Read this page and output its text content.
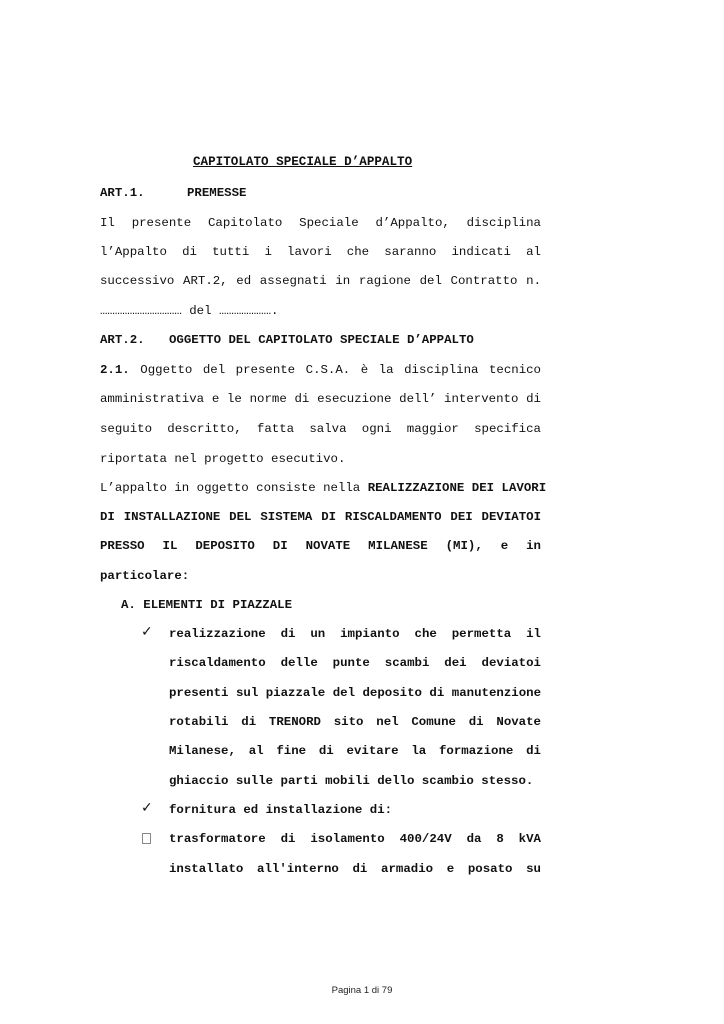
CAPITOLATO SPECIALE D’APPALTO
ART.1.	PREMESSE
Il presente Capitolato Speciale d’Appalto, disciplina
l’Appalto di tutti i lavori che saranno indicati al
successivo ART.2, ed assegnati in ragione del Contratto n.
…………………………… del ………………….
ART.2. OGGETTO DEL CAPITOLATO SPECIALE D’APPALTO
2.1. Oggetto del presente C.S.A. è la disciplina tecnico
amministrativa e le norme di esecuzione dell’ intervento di
seguito descritto, fatta salva ogni maggior specifica
riportata nel progetto esecutivo.
L’appalto in oggetto consiste nella REALIZZAZIONE DEI LAVORI
DI INSTALLAZIONE DEL SISTEMA DI RISCALDAMENTO DEI DEVIATOI
PRESSO IL DEPOSITO DI NOVATE MILANESE (MI), e in
particolare:
A. ELEMENTI DI PIAZZALE
✓ realizzazione di un impianto che permetta il
riscaldamento delle punte scambi dei deviatoi
presenti sul piazzale del deposito di manutenzione
rotabili di TRENORD sito nel Comune di Novate
Milanese, al fine di evitare la formazione di
ghiaccio sulle parti mobili dello scambio stesso.
✓ fornitura ed installazione di:
trasformatore di isolamento 400/24V da 8 kVA
installato all'interno di armadio e posato su
Pagina 1 di 79
